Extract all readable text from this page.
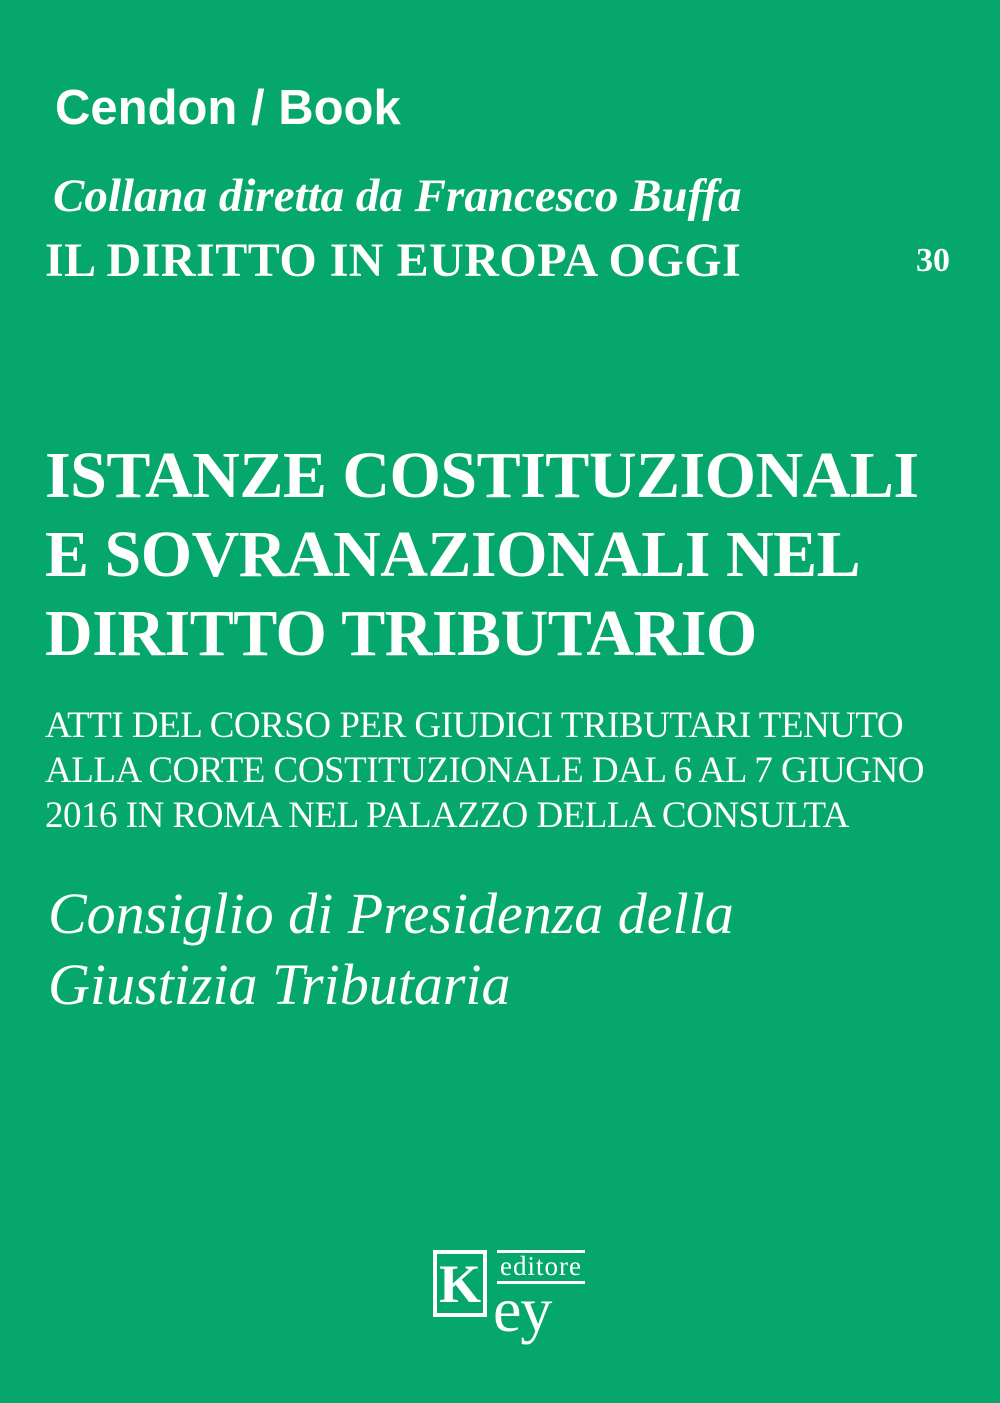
Cendon / Book
Collana diretta da Francesco Buffa
IL DIRITTO IN EUROPA OGGI	30
ISTANZE COSTITUZIONALI
E SOVRANAZIONALI NEL
DIRITTO TRIBUTARIO
ATTI DEL CORSO PER GIUDICI TRIBUTARI TENUTO
ALLA CORTE COSTITUZIONALE DAL 6 AL 7 GIUGNO
2016 IN ROMA NEL PALAZZO DELLA CONSULTA
Consiglio di Presidenza della
Giustizia Tributaria
K editore
ey
